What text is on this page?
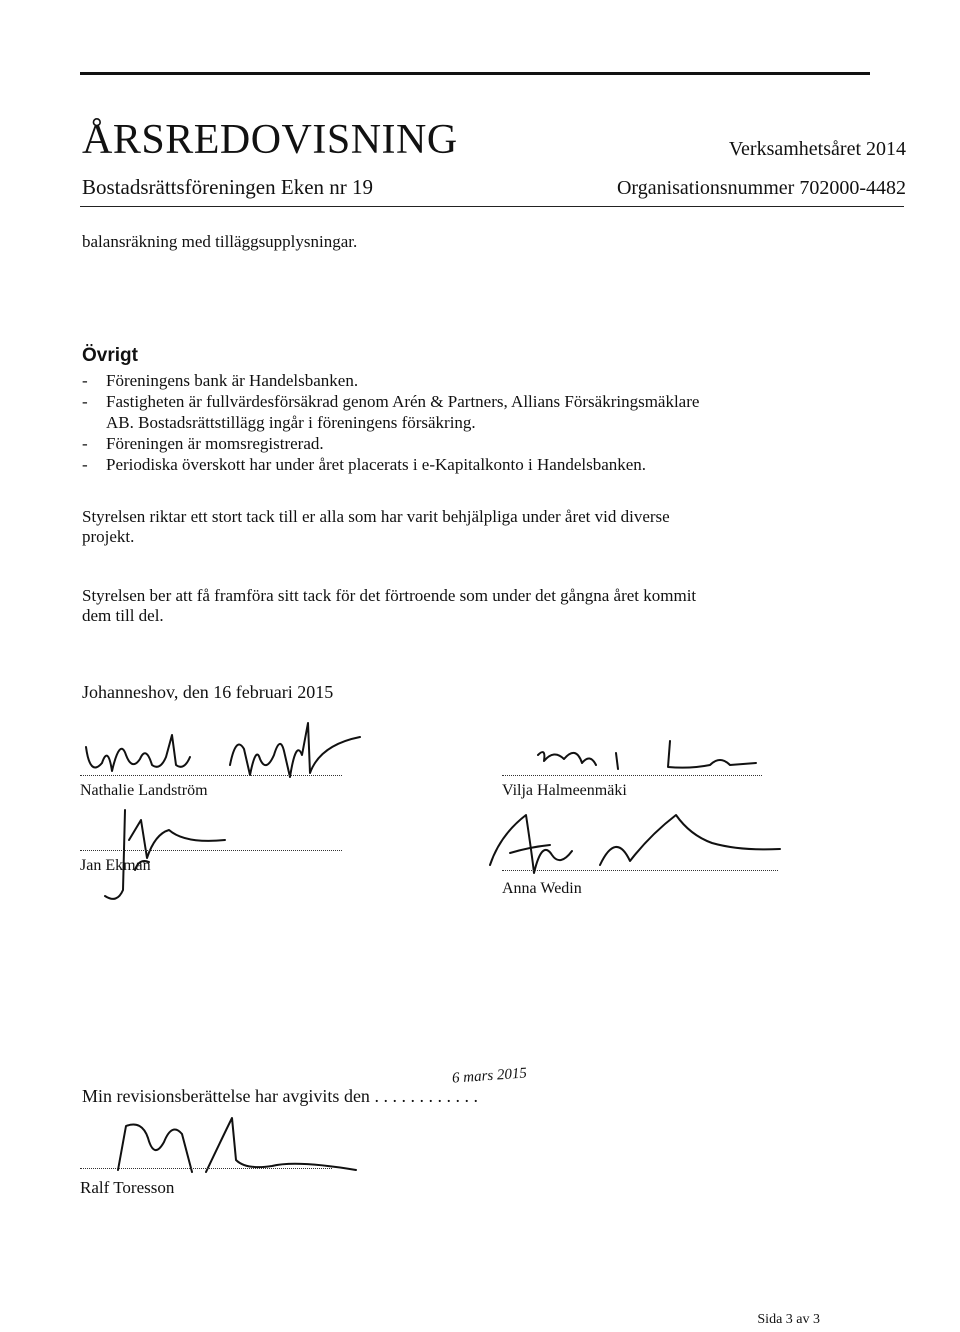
ÅRSREDOVISNING	Verksamhetsåret 2014
Bostadsrättsföreningen Eken nr 19	Organisationsnummer 702000-4482
balansräkning med tilläggsupplysningar.
Övrigt
- Föreningens bank är Handelsbanken.
- Fastigheten är fullvärdesförsäkrad genom Arén & Partners, Allians Försäkringsmäklare
AB. Bostadsrättstillägg ingår i föreningens försäkring.
- Föreningen är momsregistrerad.
- Periodiska överskott har under året placerats i e-Kapitalkonto i Handelsbanken.
Styrelsen riktar ett stort tack till er alla som har varit behjälpliga under året vid diverse
projekt.
Styrelsen ber att få framföra sitt tack för det förtroende som under det gångna året kommit
dem till del.
Johanneshov, den 16 februari 2015
Nathalie Landström	Vilja Halmeenmäki
Jan Ekman
Anna Wedin
Min revisionsberättelse har avgivits den . . . . . . . . . . . .
6 mars 2015
Ralf Toresson
Sida 3 av 3
